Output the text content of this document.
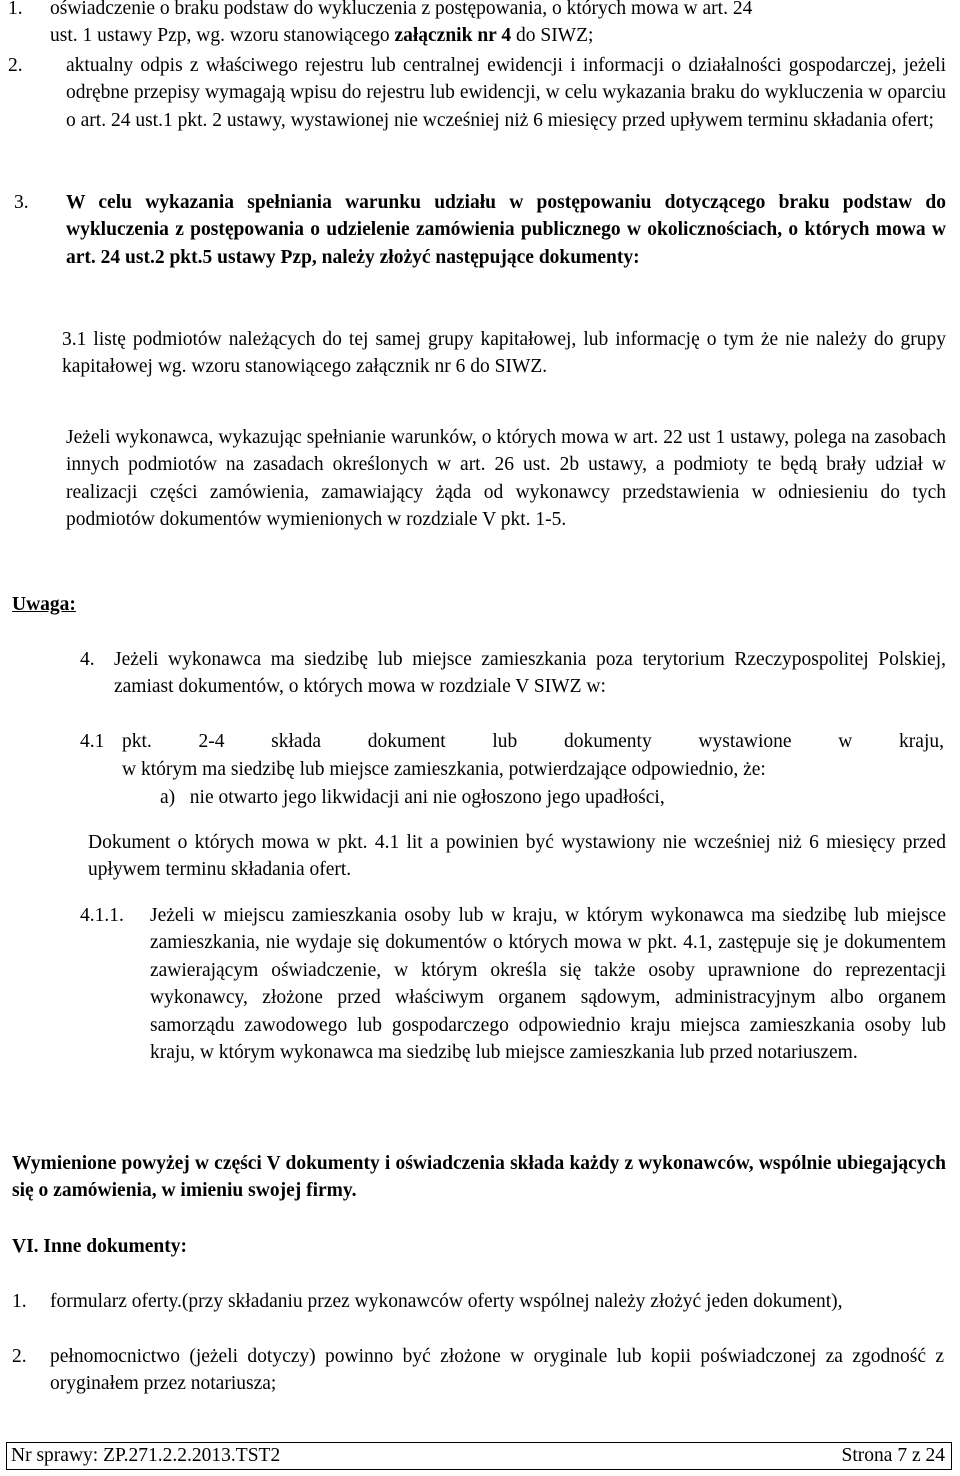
1. oświadczenie o braku podstaw do wykluczenia z postępowania, o których mowa w art. 24
ust. 1 ustawy Pzp, wg. wzoru stanowiącego załącznik nr 4 do SIWZ;
2. aktualny odpis z właściwego rejestru lub centralnej ewidencji i informacji o działalności gospodarczej, jeżeli odrębne przepisy wymagają wpisu do rejestru lub ewidencji, w celu wykazania braku do wykluczenia w oparciu o art. 24 ust.1 pkt. 2 ustawy, wystawionej nie wcześniej niż 6 miesięcy przed upływem terminu składania ofert;
3. W celu wykazania spełniania warunku udziału w postępowaniu dotyczącego braku podstaw do wykluczenia z postępowania o udzielenie zamówienia publicznego w okolicznościach, o których mowa w art. 24 ust.2 pkt.5 ustawy Pzp, należy złożyć następujące dokumenty:
3.1 listę podmiotów należących do tej samej grupy kapitałowej, lub informację o tym że nie należy do grupy kapitałowej wg. wzoru stanowiącego załącznik nr 6 do SIWZ.
Jeżeli wykonawca, wykazując spełnianie warunków, o których mowa w art. 22 ust 1 ustawy, polega na zasobach innych podmiotów na zasadach określonych w art. 26 ust. 2b ustawy, a podmioty te będą brały udział w realizacji części zamówienia, zamawiający żąda od wykonawcy przedstawienia w odniesieniu do tych podmiotów dokumentów wymienionych w rozdziale V pkt. 1-5.
Uwaga:
4. Jeżeli wykonawca ma siedzibę lub miejsce zamieszkania poza terytorium Rzeczypospolitej Polskiej, zamiast dokumentów, o których mowa w rozdziale V SIWZ w:
4.1 pkt. 2-4 składa dokument lub dokumenty wystawione w kraju,
w którym ma siedzibę lub miejsce zamieszkania, potwierdzające odpowiednio, że:
a)   nie otwarto jego likwidacji ani nie ogłoszono jego upadłości,
Dokument o których mowa w pkt. 4.1 lit a powinien być wystawiony nie wcześniej niż 6 miesięcy przed upływem terminu składania ofert.
4.1.1. Jeżeli w miejscu zamieszkania osoby lub w kraju, w którym wykonawca ma siedzibę lub miejsce zamieszkania, nie wydaje się dokumentów o których mowa w pkt. 4.1, zastępuje się je dokumentem zawierającym oświadczenie, w którym określa się także osoby uprawnione do reprezentacji wykonawcy, złożone przed właściwym organem sądowym, administracyjnym albo organem samorządu zawodowego lub gospodarczego odpowiednio kraju miejsca zamieszkania osoby lub kraju, w którym wykonawca ma siedzibę lub miejsce zamieszkania lub przed notariuszem.
Wymienione powyżej w części V dokumenty i oświadczenia składa każdy z wykonawców, wspólnie ubiegających się o zamówienia, w imieniu swojej firmy.
VI. Inne dokumenty:
1. formularz oferty.(przy składaniu przez wykonawców oferty wspólnej należy złożyć jeden dokument),
2. pełnomocnictwo (jeżeli dotyczy) powinno być złożone w oryginale lub kopii poświadczonej za zgodność z oryginałem przez notariusza;
Nr sprawy: ZP.271.2.2.2013.TST2	Strona 7 z 24
